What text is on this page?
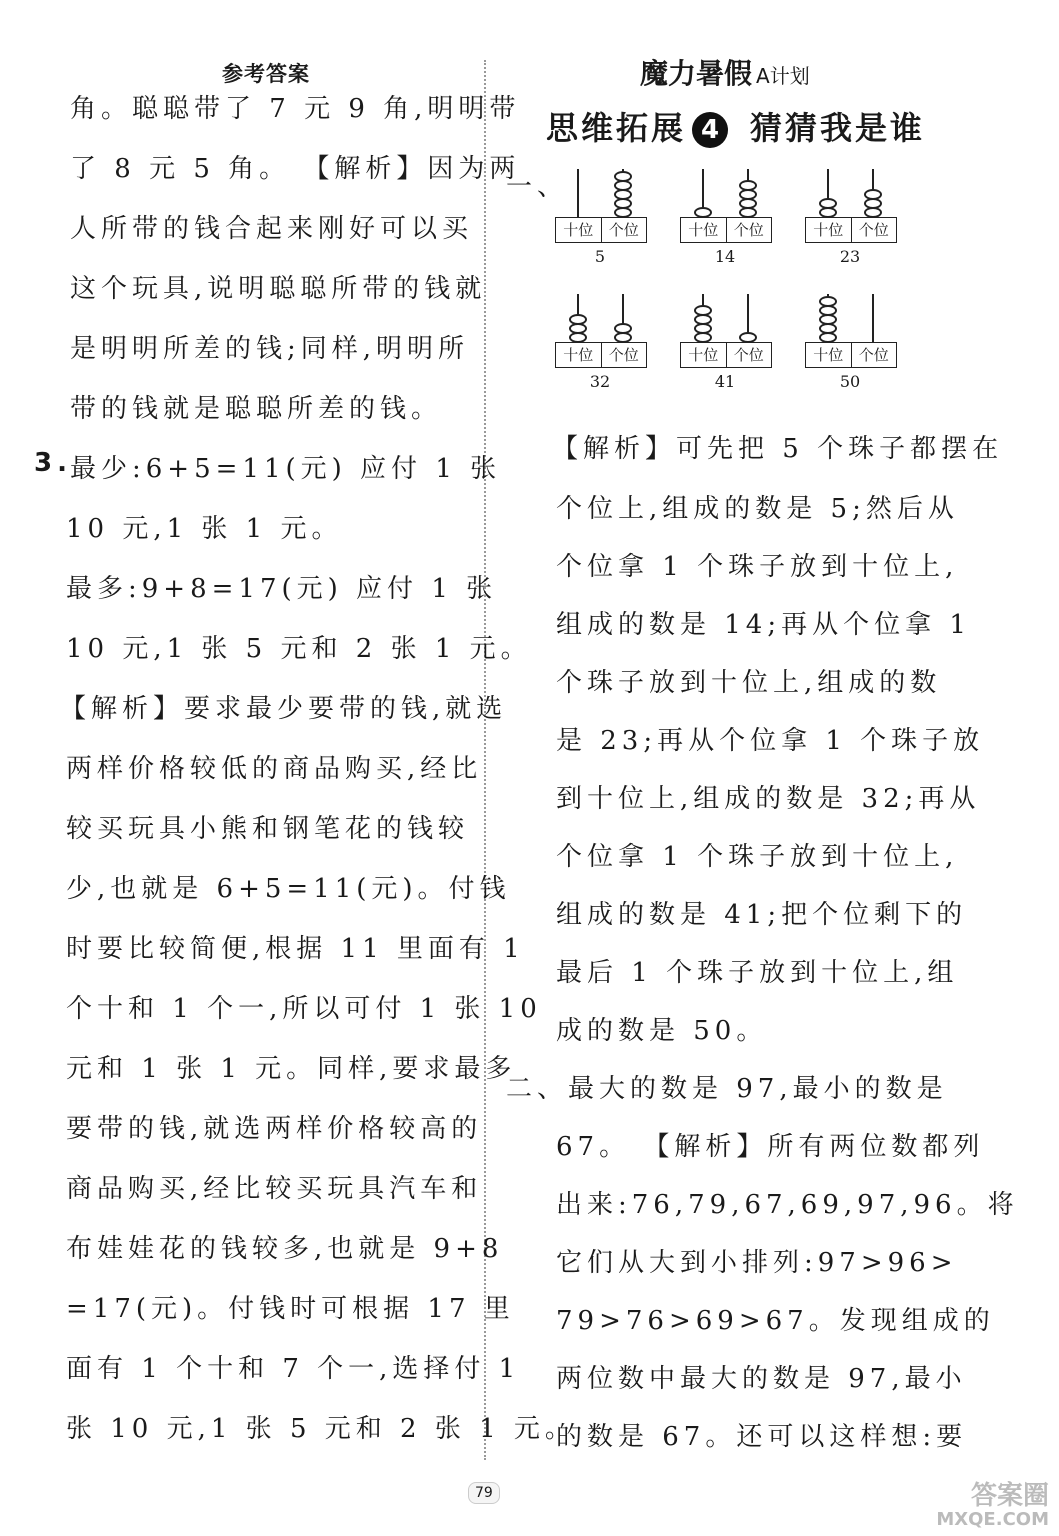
参考答案	魔力暑假 A计划
角。聪聪带了 7 元 9 角,明明带
了 8 元 5 角。 【解析】因为两
人所带的钱合起来刚好可以买
这个玩具,说明聪聪所带的钱就
是明明所差的钱;同样,明明所
带的钱就是聪聪所差的钱。
3.
最少:6+5=11(元) 应付 1 张
10 元,1 张 1 元。
最多:9+8=17(元) 应付 1 张
10 元,1 张 5 元和 2 张 1 元。
【解析】要求最少要带的钱,就选
两样价格较低的商品购买,经比
较买玩具小熊和钢笔花的钱较
少,也就是 6+5=11(元)。付钱
时要比较简便,根据 11 里面有 1
个十和 1 个一,所以可付 1 张 10
元和 1 张 1 元。同样,要求最多
要带的钱,就选两样价格较高的
商品购买,经比较买玩具汽车和
布娃娃花的钱较多,也就是 9+8
=17(元)。付钱时可根据 17 里
面有 1 个十和 7 个一,选择付 1
张 10 元,1 张 5 元和 2 张 1 元。
思维拓展 4 猜猜我是谁
一、
十位	个位
5
十位	个位
14
十位	个位
23
十位	个位
32
十位	个位
41
十位	个位
50
【解析】可先把 5 个珠子都摆在
个位上,组成的数是 5;然后从
个位拿 1 个珠子放到十位上,
组成的数是 14;再从个位拿 1
个珠子放到十位上,组成的数
是 23;再从个位拿 1 个珠子放
到十位上,组成的数是 32;再从
个位拿 1 个珠子放到十位上,
组成的数是 41;把个位剩下的
最后 1 个珠子放到十位上,组
成的数是 50。
二、最大的数是 97,最小的数是
67。 【解析】所有两位数都列
出来:76,79,67,69,97,96。将
它们从大到小排列:97>96>
79>76>69>67。发现组成的
两位数中最大的数是 97,最小
的数是 67。还可以这样想:要
79	答案圈
MXQE.COM
